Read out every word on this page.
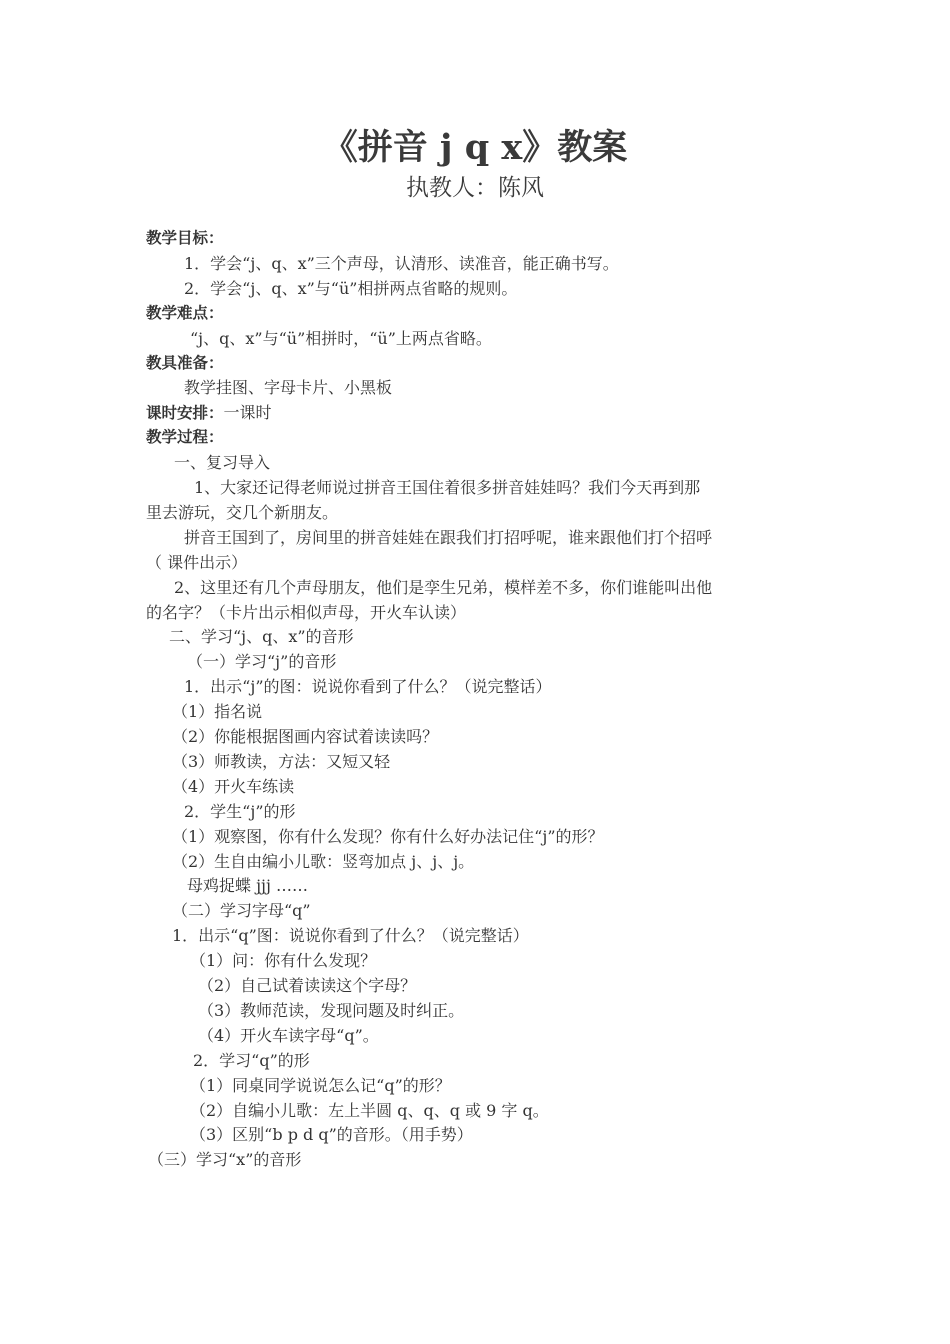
《拼音 j q x》教案
执教人：陈风
教学目标：
1．学会“j、q、x”三个声母，认清形、读准音，能正确书写。
2．学会“j、q、x”与“ü”相拼两点省略的规则。
教学难点：
“j、q、x”与“ü”相拼时，“ü”上两点省略。
教具准备：
教学挂图、字母卡片、小黑板
课时安排：一课时
教学过程：
一、复习导入
1、大家还记得老师说过拼音王国住着很多拼音娃娃吗？我们今天再到那
里去游玩，交几个新朋友。
拼音王国到了，房间里的拼音娃娃在跟我们打招呼呢，谁来跟他们打个招呼
（ 课件出示）
2、这里还有几个声母朋友，他们是孪生兄弟，模样差不多，你们谁能叫出他
的名字？（卡片出示相似声母，开火车认读）
二、学习“j、q、x”的音形
（一）学习“j”的音形
1．出示“j”的图：说说你看到了什么？（说完整话）
（1）指名说
（2）你能根据图画内容试着读读吗？
（3）师教读，方法：又短又轻
（4）开火车练读
2．学生“j”的形
（1）观察图，你有什么发现？你有什么好办法记住“j”的形？
（2）生自由编小儿歌：竖弯加点 j、j、j。
母鸡捉蝶 jjj ……
（二）学习字母“q”
1．出示“q”图：说说你看到了什么？（说完整话）
（1）问：你有什么发现？
（2）自己试着读读这个字母？
（3）教师范读，发现问题及时纠正。
（4）开火车读字母“q”。
2．学习“q”的形
（1）同桌同学说说怎么记“q”的形？
（2）自编小儿歌：左上半圆 q、q、q 或 9 字 q。
（3）区别“b p d q”的音形。（用手势）
（三）学习“x”的音形
